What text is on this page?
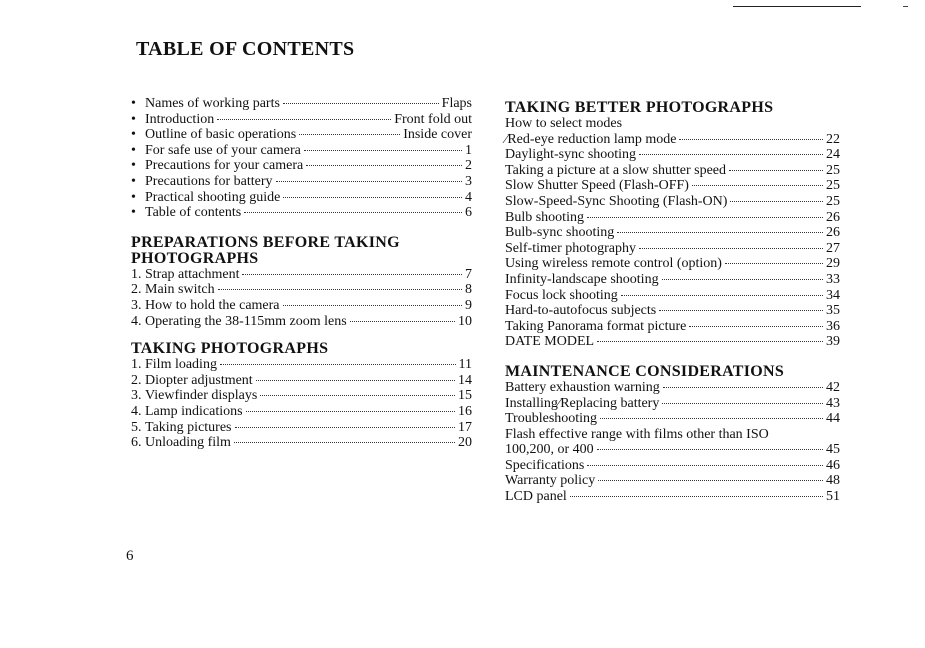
TABLE OF CONTENTS
• Names of working parts	Flaps
• Introduction	Front fold out
• Outline of basic operations	Inside cover
• For safe use of your camera	1
• Precautions for your camera	2
• Precautions for battery	3
• Practical shooting guide	4
• Table of contents	6
PREPARATIONS BEFORE TAKING
PHOTOGRAPHS
1. Strap attachment	7
2. Main switch	8
3. How to hold the camera	9
4. Operating the 38-115mm zoom lens	10
TAKING PHOTOGRAPHS
1. Film loading	11
2. Diopter adjustment	14
3. Viewfinder displays	15
4. Lamp indications	16
5. Taking pictures	17
6. Unloading film	20
TAKING BETTER PHOTOGRAPHS
How to select modes
∕Red-eye reduction lamp mode	22
Daylight-sync shooting	24
Taking a picture at a slow shutter speed	25
Slow Shutter Speed (Flash-OFF)	25
Slow-Speed-Sync Shooting (Flash-ON)	25
Bulb shooting	26
Bulb-sync shooting	26
Self-timer photography	27
Using wireless remote control (option)	29
Infinity-landscape shooting	33
Focus lock shooting	34
Hard-to-autofocus subjects	35
Taking Panorama format picture	36
DATE MODEL	39
MAINTENANCE CONSIDERATIONS
Battery exhaustion warning	42
Installing∕Replacing battery	43
Troubleshooting	44
Flash effective range with films other than ISO
100,200, or 400	45
Specifications	46
Warranty policy	48
LCD panel	51
6
